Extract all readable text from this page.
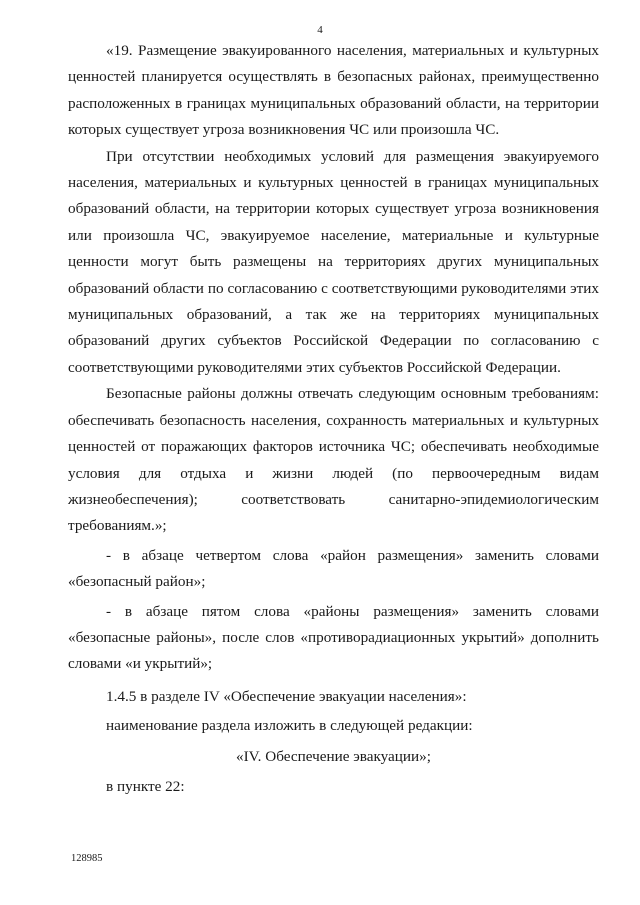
4

«19. Размещение эвакуированного населения, материальных и культурных ценностей планируется осуществлять в безопасных районах, преимущественно расположенных в границах муниципальных образований области, на территории которых существует угроза возникновения ЧС или произошла ЧС.

При отсутствии необходимых условий для размещения эвакуируемого населения, материальных и культурных ценностей в границах муниципальных образований области, на территории которых существует угроза возникновения или произошла ЧС, эвакуируемое население, материальные и культурные ценности могут быть размещены на территориях других муниципальных образований области по согласованию с соответствующими руководителями этих муниципальных образований, а так же на территориях муниципальных образований других субъектов Российской Федерации по согласованию с соответствующими руководителями этих субъектов Российской Федерации.

Безопасные районы должны отвечать следующим основным требованиям: обеспечивать безопасность населения, сохранность материальных и культурных ценностей от поражающих факторов источника ЧС; обеспечивать необходимые условия для отдыха и жизни людей (по первоочередным видам жизнеобеспечения); соответствовать санитарно-эпидемиологическим требованиям.»;

- в абзаце четвертом слова «район размещения» заменить словами «безопасный район»;

- в абзаце пятом слова «районы размещения» заменить словами «безопасные районы», после слов «противорадиационных укрытий» дополнить словами «и укрытий»;

1.4.5 в разделе IV «Обеспечение эвакуации населения»:

наименование раздела изложить в следующей редакции:

«IV. Обеспечение эвакуации»;

в пункте 22:

128985
